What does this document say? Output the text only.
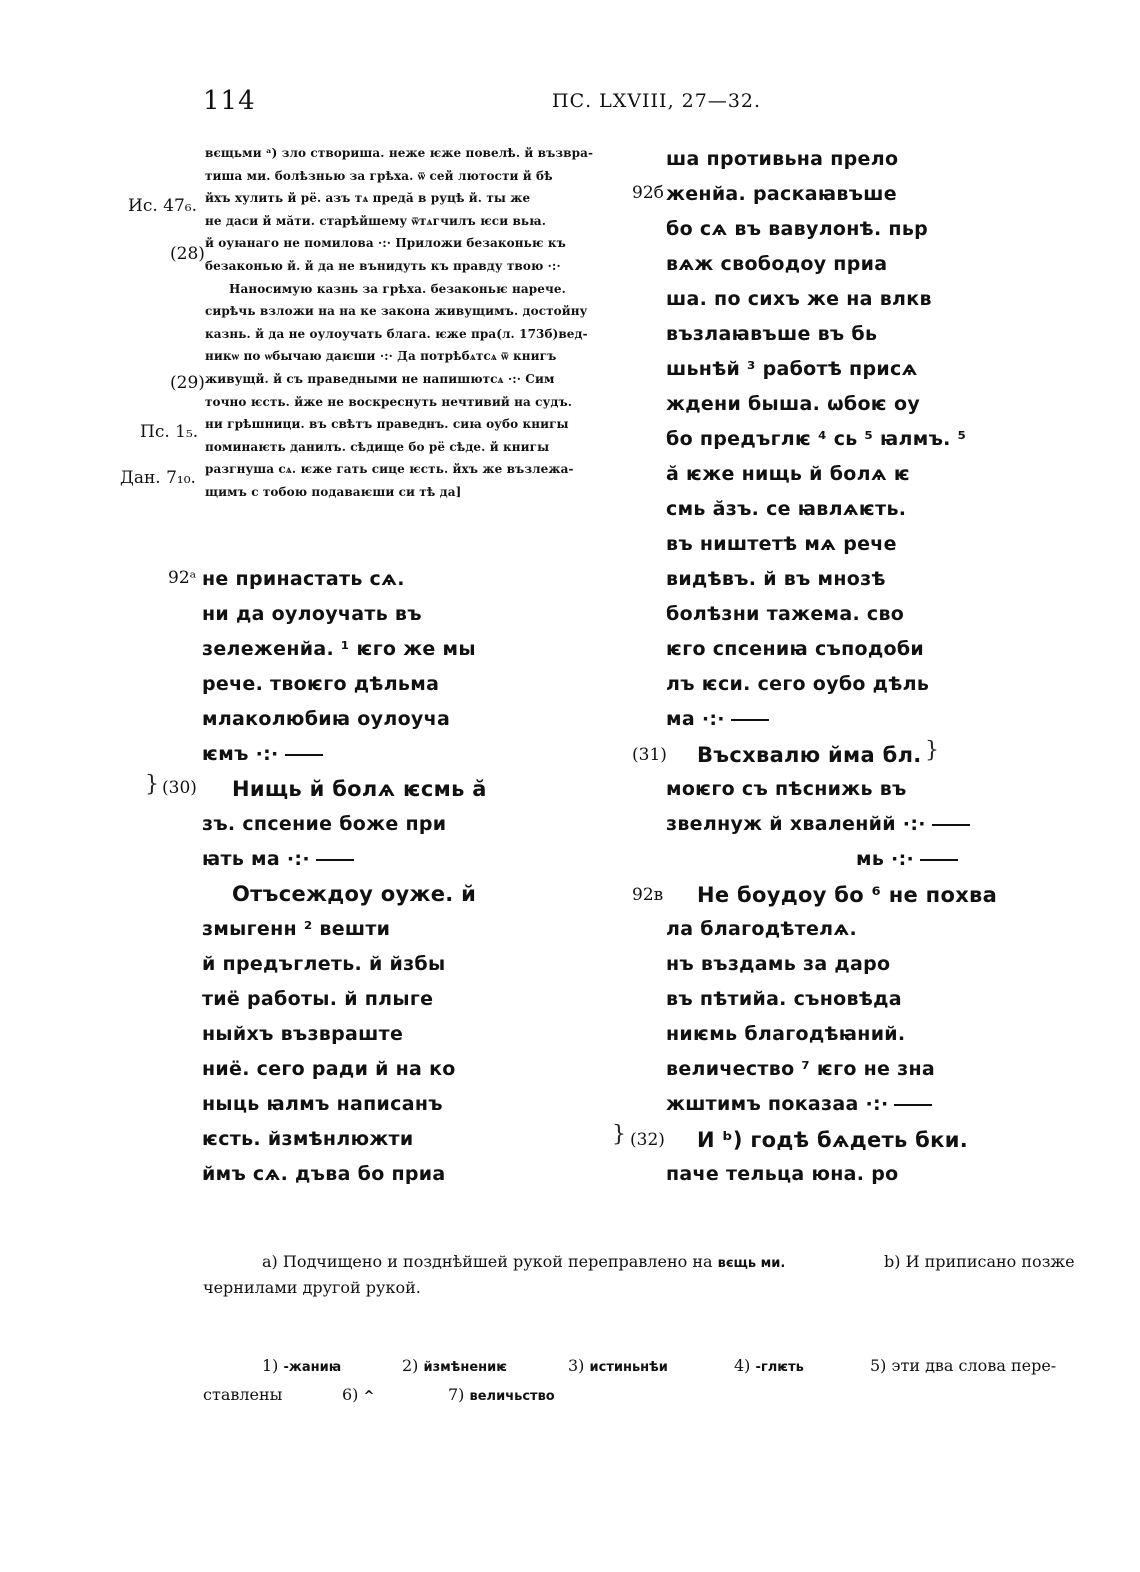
114	ПС. LXVIII, 27—32.
Ис. 47₆.
(28)
(29)
Пс. 1₅.
Дан. 7₁₀.
вєщьми ᵃ) зло створиша. неже ѥже повелѣ. й възвра-
тиша ми. болѣзнью за грѣха. ѿ сей лютости й бѣ
йхъ хулить й рё. азъ тѧ предӑ в руцѣ й. ты же
не даси й мӑти. старѣйшему ѿтѧгчилъ ѥси вьꙗ.
й оуꙗнаго не помилова ·:· Приложи безаконьѥ къ
безаконью й. й да не вънидуть къ правду твою ·:·
Наносимую казнь за грѣха. безаконьѥ нарече.
сирѣчь взложи на на ке закона живущимъ. достойну
казнь. й да не оулоучать блага. ѥже пра(л. 173б)вед-
никѡ по ѡбычаю даѥши ·:· Да потрѣбѧтсѧ ѿ книгъ
живущй. й съ праведными не напишютсѧ ·:· Сим
точно ѥсть. йже не воскреснуть нечтивий на судъ.
ни грѣшници. въ свѣтъ праведнъ. сиꙗ оубо книгы
поминаѥть данилъ. сѣдище бо рё сѣде. й книгы
разгнуша сѧ. ѥже гать сице ѥсть. йхъ же възлежа-
щимъ с тобою подаваѥши си тѣ да]
92ᵃ не принастать сѧ.
ни да оулоучать въ
зележенйа. ¹ ѥго же мы
рече. твоѥго дѣльма
млаколюбиꙗ оулоуча
ѥмъ ·:·
} (30) Нищь й болѧ ѥсмь ӑ
зъ. спсение боже при
ꙗть ма ·:·
Отъсеждоу оуже. й
змыгенн ² вешти
й предъглеть. й йзбы
тиё работы. й плыге
ныйхъ възвраште
ниё. сего ради й на ко
ныць ꙗлмъ написанъ
ѥсть. йзмѣнлюжти
ймъ сѧ. дъва бо приа
ша противьна прело
92б женйа. раскаꙗвъше
бо сѧ въ вавулонѣ. пьр
вѧж свободоу приа
ша. по сихъ же на влкв
възлаꙗвъше въ бь
шьнѣй ³ работѣ присѧ
ждени быша. ѡбоѥ оу
бо предъглѥ ⁴ сь ⁵ ꙗлмъ. ⁵
ӑ ѥже нищь й болѧ ѥ
смь ӑзъ. се ꙗвлѧѥть.
въ ништетѣ мѧ рече
видѣвъ. й въ мнозѣ
болѣзни тажема. сво
ѥго спсениꙗ съподоби
лъ ѥси. сего оубо дѣль
ма ·:·
(31) Въсхвалю йма бл. }
моѥго съ пѣснижь въ
звелнуж й хваленйй ·:·
мь ·:·
92в Не боудоу бо ⁶ не похва
ла благодѣтелѧ.
нъ въздамь за даро
въ пѣтийа. съновѣда
ниѥмь благодѣꙗний.
величество ⁷ ѥго не зна
жштимъ показаа ·:·
} (32) И ᵇ) годѣ бѧдеть бки.
паче тельца юна. ро
а) Подчищено и позднѣйшей рукой переправлено на вєщь ми.	b) И приписано позже
чернилами другой рукой.
1) -жаниꙗ	2) йзмѣнениѥ	3) истиньнѣи	4) -глѥть	5) эти два слова пере-
ставлены	6) ^	7) величьство
